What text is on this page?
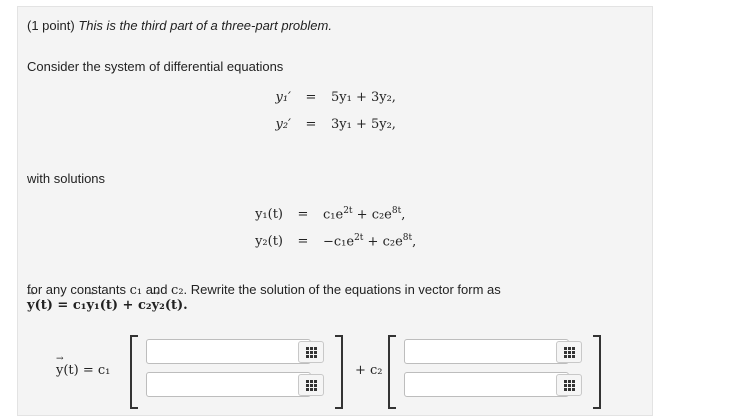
(1 point) This is the third part of a three-part problem.
Consider the system of differential equations
y₁′	=	5y₁ + 3y₂,
y₂′	=	3y₁ + 5y₂,
with solutions
y₁(t)	=	$c_1e^{2t} + c_2e^{8t}$,
y₂(t)	=	$-c_1e^{2t} + c_2e^{8t}$,
for any constants c₁ and c₂. Rewrite the solution of the equations in vector form as
→ y(t) = c₁→ y₁(t) + c₂→ y₂(t).
→ y(t) = c₁	+ c₂
